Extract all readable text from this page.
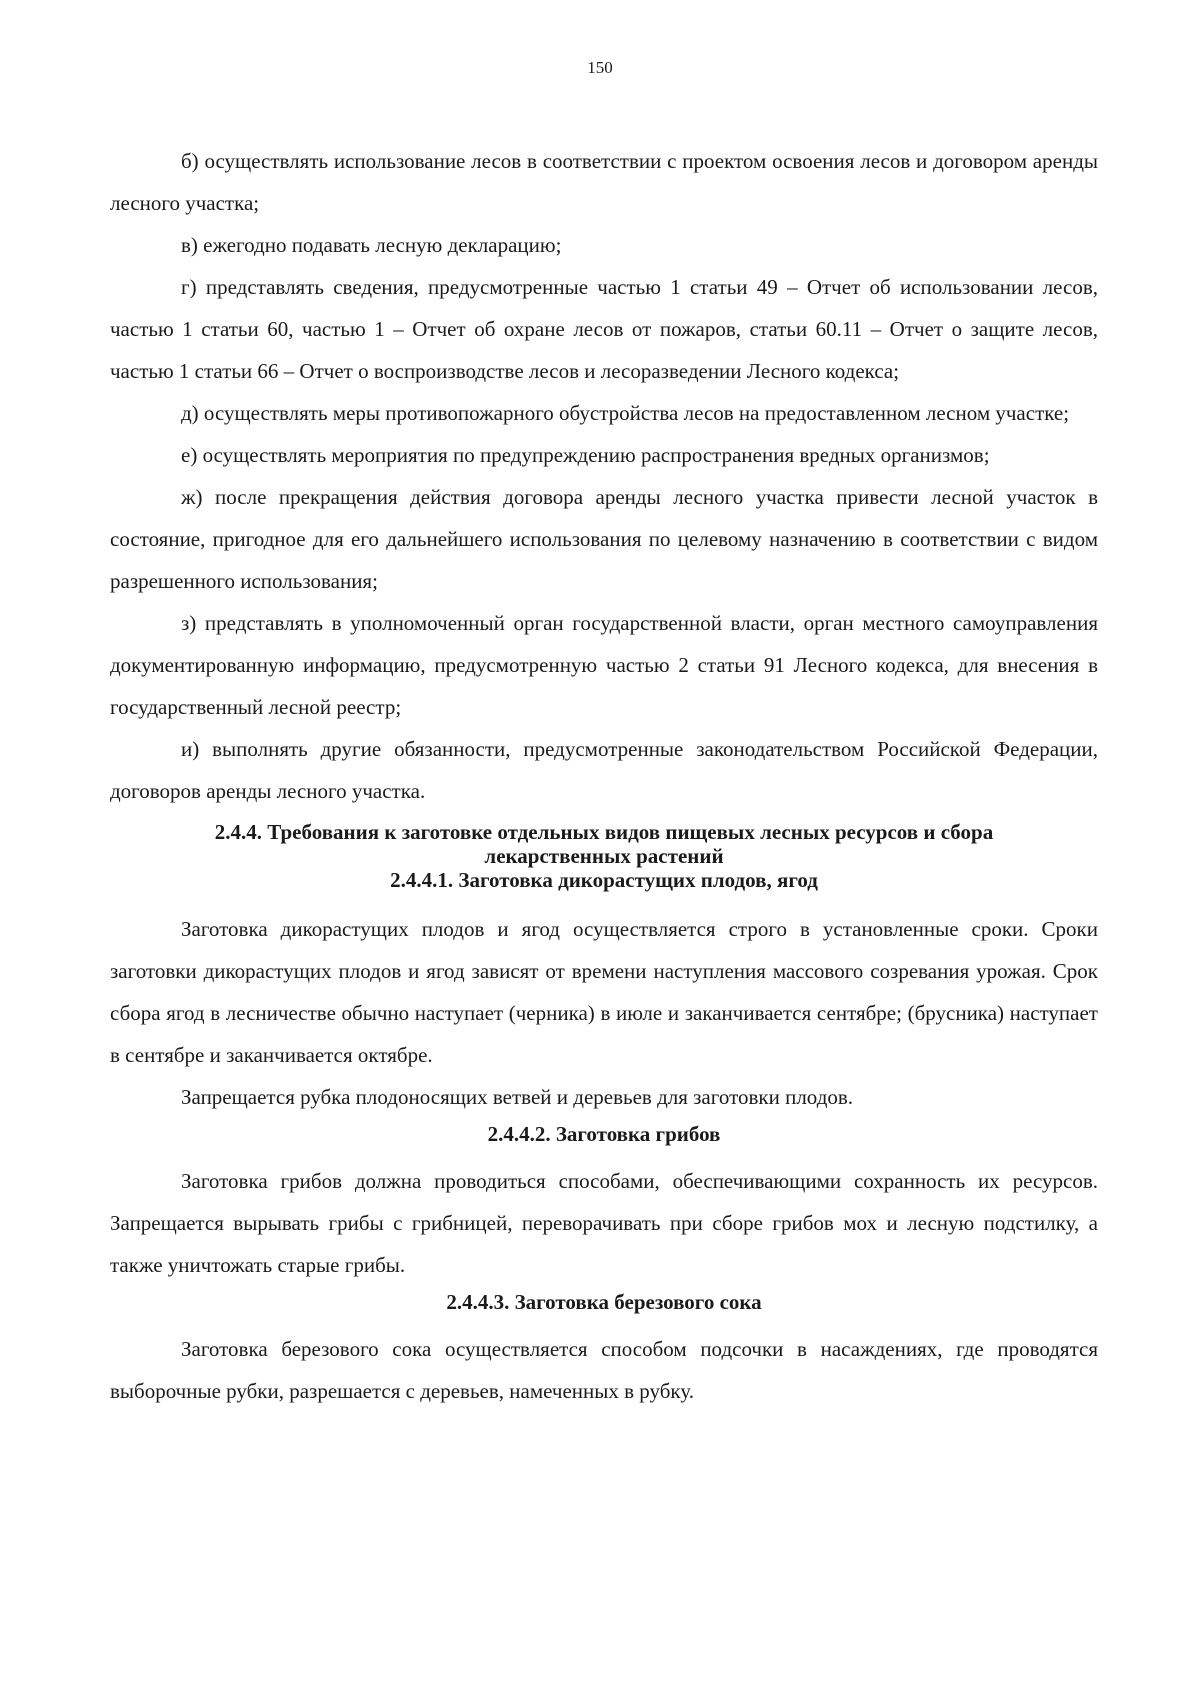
150

б) осуществлять использование лесов в соответствии с проектом освоения лесов и договором аренды лесного участка;

в) ежегодно подавать лесную декларацию;

г) представлять сведения, предусмотренные частью 1 статьи 49 – Отчет об использовании лесов, частью 1 статьи 60, частью 1 – Отчет об охране лесов от пожаров, статьи 60.11 – Отчет о защите лесов, частью 1 статьи 66 – Отчет о воспроизводстве лесов и лесоразведении Лесного кодекса;

д) осуществлять меры противопожарного обустройства лесов на предоставленном лесном участке;

е) осуществлять мероприятия по предупреждению распространения вредных организмов;

ж) после прекращения действия договора аренды лесного участка привести лесной участок в состояние, пригодное для его дальнейшего использования по целевому назначению в соответствии с видом разрешенного использования;

з) представлять в уполномоченный орган государственной власти, орган местного самоуправления документированную информацию, предусмотренную частью 2 статьи 91 Лесного кодекса, для внесения в государственный лесной реестр;

и) выполнять другие обязанности, предусмотренные законодательством Российской Федерации, договоров аренды лесного участка.

2.4.4. Требования к заготовке отдельных видов пищевых лесных ресурсов и сбора лекарственных растений
2.4.4.1. Заготовка дикорастущих плодов, ягод

Заготовка дикорастущих плодов и ягод осуществляется строго в установленные сроки. Сроки заготовки дикорастущих плодов и ягод зависят от времени наступления массового созревания урожая. Срок сбора ягод в лесничестве обычно наступает (черника) в июле и заканчивается сентябре; (брусника) наступает в сентябре и заканчивается октябре.

Запрещается рубка плодоносящих ветвей и деревьев для заготовки плодов.

2.4.4.2. Заготовка грибов

Заготовка грибов должна проводиться способами, обеспечивающими сохранность их ресурсов. Запрещается вырывать грибы с грибницей, переворачивать при сборе грибов мох и лесную подстилку, а также уничтожать старые грибы.

2.4.4.3. Заготовка березового сока

Заготовка березового сока осуществляется способом подсочки в насаждениях, где проводятся выборочные рубки, разрешается с деревьев, намеченных в рубку.
